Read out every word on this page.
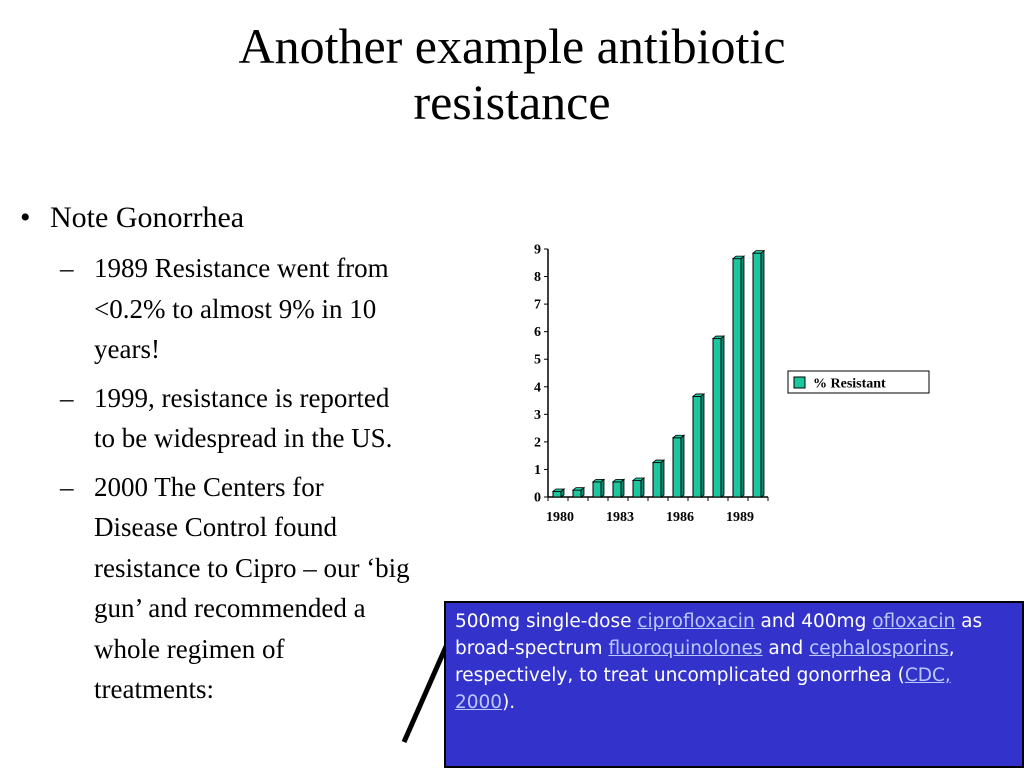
Another example antibiotic
resistance
• Note Gonorrhea
– 1989 Resistance went from <0.2% to almost 9% in 10 years!
– 1999, resistance is reported to be widespread in the US.
– 2000 The Centers for Disease Control found resistance to Cipro – our ‘big gun’ and recommended a whole regimen of treatments:
0
1
2
3
4
5
6
7
8
9
1980 1983 1986 1989
% Resistant
500mg single-dose ciprofloxacin and 400mg ofloxacin as broad-spectrum fluoroquinolones and cephalosporins, respectively, to treat uncomplicated gonorrhea (CDC, 2000).
